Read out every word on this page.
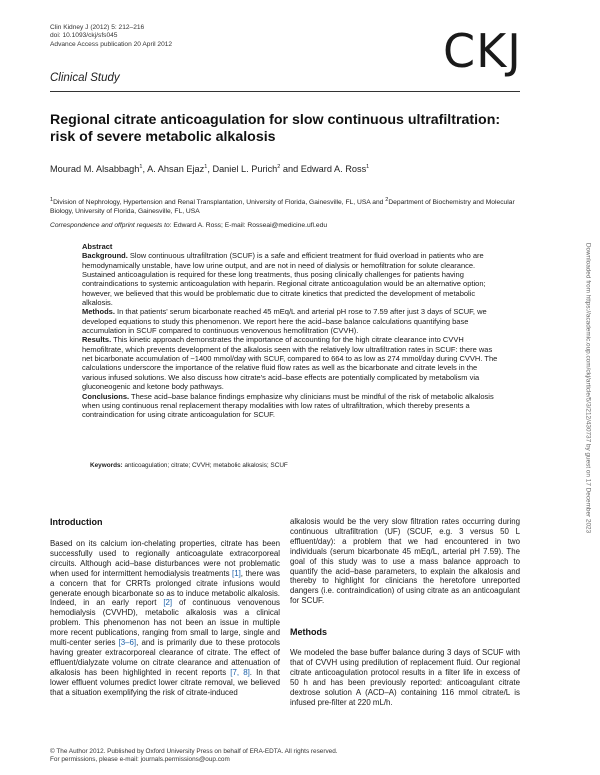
Clin Kidney J (2012) 5: 212–216
doi: 10.1093/ckj/sfs045
Advance Access publication 20 April 2012
Clinical Study	CKJ
Regional citrate anticoagulation for slow continuous ultrafiltration: risk of severe metabolic alkalosis
Mourad M. Alsabbagh$^1$, A. Ahsan Ejaz$^1$, Daniel L. Purich$^2$ and Edward A. Ross$^1$
$^1$Division of Nephrology, Hypertension and Renal Transplantation, University of Florida, Gainesville, FL, USA and $^2$Department of Biochemistry and Molecular Biology, University of Florida, Gainesville, FL, USA
Correspondence and offprint requests to: Edward A. Ross; E-mail: Rosseai@medicine.ufl.edu

Abstract

Background. Slow continuous ultrafiltration (SCUF) is a safe and efficient treatment for fluid overload in patients who are hemodynamically unstable, have low urine output, and are not in need of dialysis or hemofiltration for solute clearance. Sustained anticoagulation is required for these long treatments, thus posing clinically challenges for patients having contraindications to systemic anticoagulation with heparin. Regional citrate anticoagulation would be an alternative option; however, we believed that this would be problematic due to citrate kinetics that predicted the development of metabolic alkalosis.

Methods. In that patients' serum bicarbonate reached 45 mEq/L and arterial pH rose to 7.59 after just 3 days of SCUF, we developed equations to study this phenomenon. We report here the acid–base balance calculations quantifying base accumulation in SCUF compared to continuous venovenous hemofiltration (CVVH).

Results. This kinetic approach demonstrates the importance of accounting for the high citrate clearance into CVVH hemofiltrate, which prevents development of the alkalosis seen with the relatively low ultrafiltration rates in SCUF: there was net bicarbonate accumulation of ~1400 mmol/day with SCUF, compared to 664 to as low as 274 mmol/day during CVVH. The calculations underscore the importance of the relative fluid flow rates as well as the bicarbonate and citrate levels in the various infused solutions. We also discuss how citrate's acid–base effects are potentially complicated by metabolism via gluconeogenic and ketone body pathways.

Conclusions. These acid–base balance findings emphasize why clinicians must be mindful of the risk of metabolic alkalosis when using continuous renal replacement therapy modalities with low rates of ultrafiltration, which thereby presents a contraindication for using citrate anticoagulation for SCUF.

Keywords: anticoagulation; citrate; CVVH; metabolic alkalosis; SCUF
Introduction

Based on its calcium ion-chelating properties, citrate has been successfully used to regionally anticoagulate extracorporeal circuits. Although acid–base disturbances were not problematic when used for intermittent hemodialysis treatments [1], there was a concern that for CRRTs prolonged citrate infusions would generate enough bicarbonate so as to induce metabolic alkalosis. Indeed, in an early report [2] of continuous venovenous hemodialysis (CVVHD), metabolic alkalosis was a clinical problem. This phenomenon has not been an issue in multiple more recent publications, ranging from small to large, single and multi-center series [3–6], and is primarily due to these protocols having greater extracorporeal clearance of citrate. The effect of effluent/dialyzate volume on citrate clearance and attenuation of alkalosis has been highlighted in recent reports [7, 8]. In that lower effluent volumes predict lower citrate removal, we believed that a situation exemplifying the risk of citrate-induced

alkalosis would be the very slow filtration rates occurring during continuous ultrafiltration (UF) (SCUF, e.g. 3 versus 50 L effluent/day): a problem that we had encountered in two individuals (serum bicarbonate 45 mEq/L, arterial pH 7.59). The goal of this study was to use a mass balance approach to quantify the acid–base parameters, to explain the alkalosis and thereby to highlight for clinicians the heretofore unreported dangers (i.e. contraindication) of using citrate as an anticoagulant for SCUF.

Methods

We modeled the base buffer balance during 3 days of SCUF with that of CVVH using predilution of replacement fluid. Our regional citrate anticoagulation protocol results in a filter life in excess of 50 h and has been previously reported: anticoagulant citrate dextrose solution A (ACD–A) containing 116 mmol citrate/L is infused pre-filter at 220 mL/h.

© The Author 2012. Published by Oxford University Press on behalf of ERA-EDTA. All rights reserved.
For permissions, please e-mail: journals.permissions@oup.com
Downloaded from https://academic.oup.com/ckj/article/5/3/212/430737 by guest on 17 December 2023
